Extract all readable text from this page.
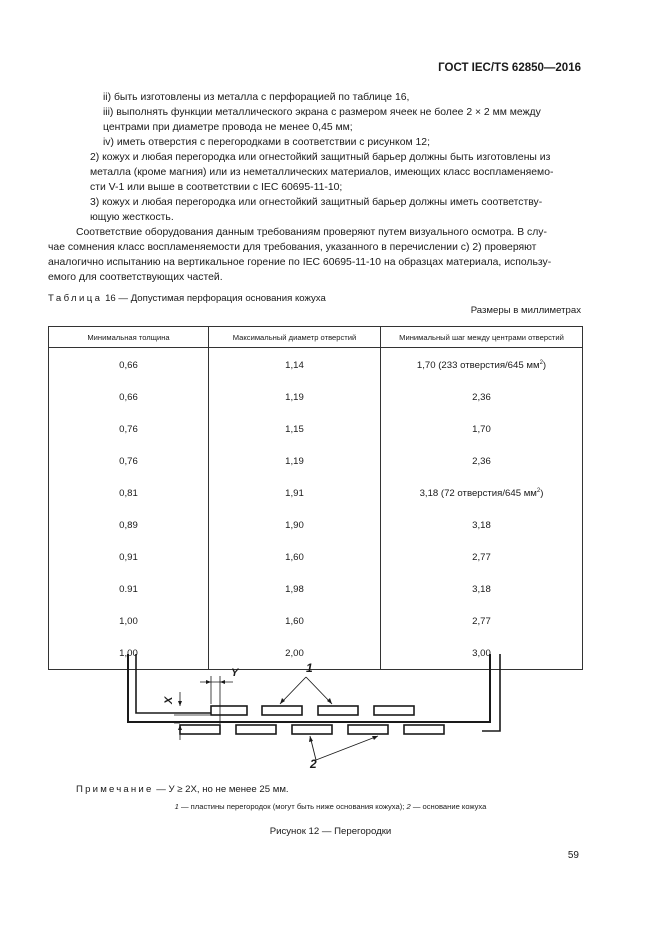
ГОСТ IEC/TS 62850—2016
ii) быть изготовлены из металла с перфорацией по таблице 16,
iii) выполнять функции металлического экрана с размером ячеек не более 2 × 2 мм между
центрами при диаметре провода не менее 0,45 мм;
iv) иметь отверстия с перегородками в соответствии с рисунком 12;
2) кожух и любая перегородка или огнестойкий защитный барьер должны быть изготовлены из
металла (кроме магния) или из неметаллических материалов, имеющих класс воспламеняемо-
сти V-1 или выше в соответствии с IEC 60695-11-10;
3) кожух и любая перегородка или огнестойкий защитный барьер должны иметь соответству-
ющую жесткость.
Соответствие оборудования данным требованиям проверяют путем визуального осмотра. В слу-
чае сомнения класс воспламеняемости для требования, указанного в перечислении c) 2) проверяют
аналогично испытанию на вертикальное горение по IEC 60695-11-10 на образцах материала, использу-
емого для соответствующих частей.
Таблица 16 — Допустимая перфорация основания кожуха
Размеры в миллиметрах
Минимальная толщина	Максимальный диаметр отверстий	Минимальный шаг между центрами отверстий
0,66	1,14	1,70 (233 отверстия/645 $мм^2$)
0,66	1,19	2,36
0,76	1,15	1,70
0,76	1,19	2,36
0,81	1,91	3,18 (72 отверстия/645 $мм^2$)
0,89	1,90	3,18
0,91	1,60	2,77
0.91	1,98	3,18
1,00	1,60	2,77
1,00	2,00	3,00
Y
X
1
2
Примечание — У ≥ 2X, но не менее 25 мм.
1 — пластины перегородок (могут быть ниже основания кожуха); 2 — основание кожуха
Рисунок 12 — Перегородки
59
